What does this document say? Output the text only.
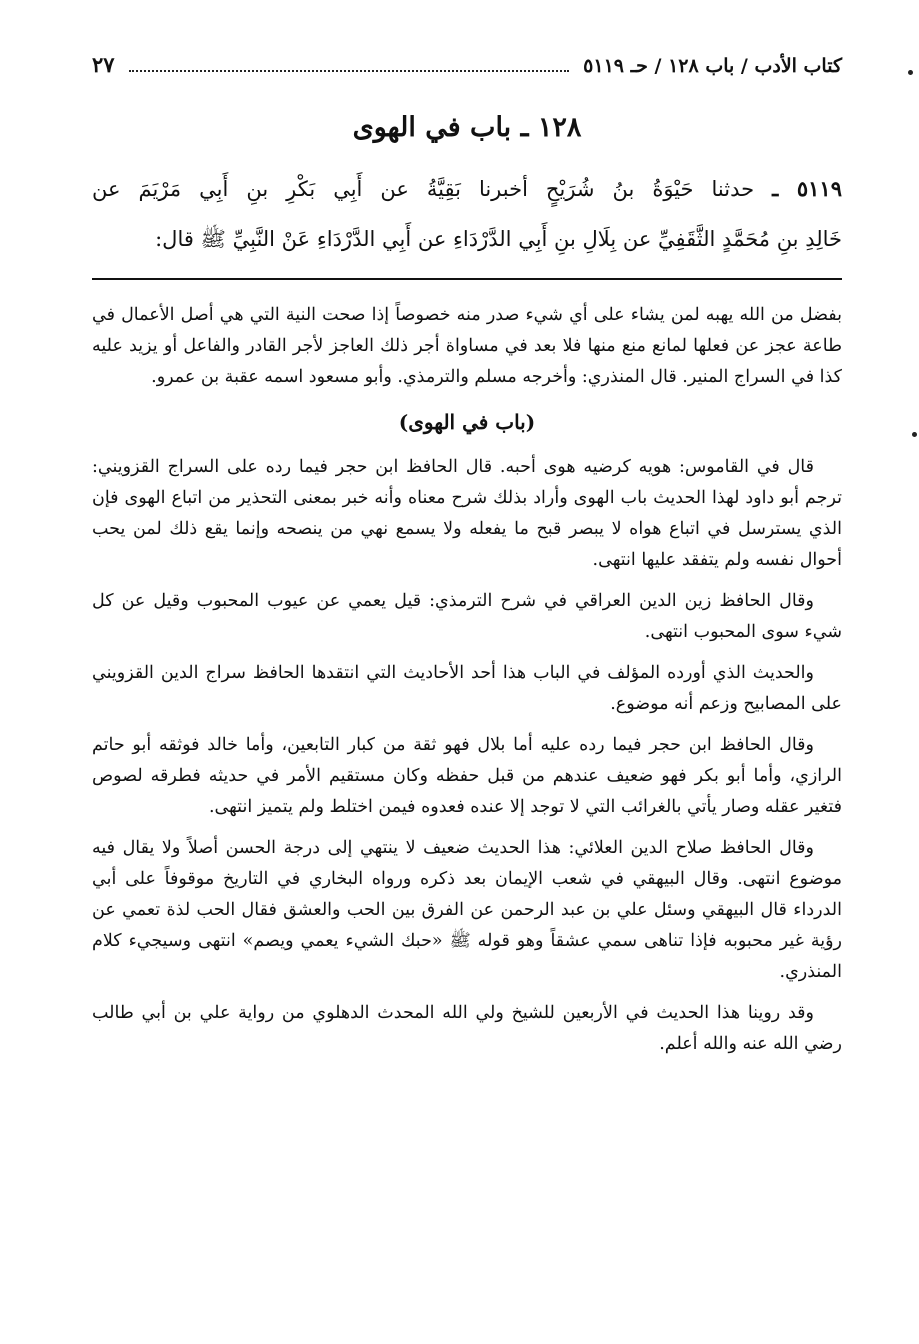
كتاب الأدب / باب ١٢٨ / حـ ٥١١٩
٢٧
١٢٨ ـ باب في الهوى

٥١١٩ ـ حدثنا حَيْوَةُ بنُ شُرَيْحٍ أخبرنا بَقِيَّةُ عن أَبِي بَكْرِ بنِ أَبِي مَرْيَمَ عن

خَالِدِ بنِ مُحَمَّدٍ الثَّقَفِيِّ عن بِلَالِ بنِ أَبِي الدَّرْدَاءِ عن أَبِي الدَّرْدَاءِ عَنْ النَّبِيِّ ﷺ قال:

بفضل من الله يهبه لمن يشاء على أي شيء صدر منه خصوصاً إذا صحت النية التي هي أصل الأعمال في طاعة عجز عن فعلها لمانع منع منها فلا بعد في مساواة أجر ذلك العاجز لأجر القادر والفاعل أو يزيد عليه كذا في السراج المنير. قال المنذري: وأخرجه مسلم والترمذي. وأبو مسعود اسمه عقبة بن عمرو.

(باب في الهوى)

قال في القاموس: هويه كرضيه هوى أحبه. قال الحافظ ابن حجر فيما رده على السراج القزويني: ترجم أبو داود لهذا الحديث باب الهوى وأراد بذلك شرح معناه وأنه خبر بمعنى التحذير من اتباع الهوى فإن الذي يسترسل في اتباع هواه لا يبصر قبح ما يفعله ولا يسمع نهي من ينصحه وإنما يقع ذلك لمن يحب أحوال نفسه ولم يتفقد عليها انتهى.

وقال الحافظ زين الدين العراقي في شرح الترمذي: قيل يعمي عن عيوب المحبوب وقيل عن كل شيء سوى المحبوب انتهى.

والحديث الذي أورده المؤلف في الباب هذا أحد الأحاديث التي انتقدها الحافظ سراج الدين القزويني على المصابيح وزعم أنه موضوع.

وقال الحافظ ابن حجر فيما رده عليه أما بلال فهو ثقة من كبار التابعين، وأما خالد فوثقه أبو حاتم الرازي، وأما أبو بكر فهو ضعيف عندهم من قبل حفظه وكان مستقيم الأمر في حديثه فطرقه لصوص فتغير عقله وصار يأتي بالغرائب التي لا توجد إلا عنده فعدوه فيمن اختلط ولم يتميز انتهى.

وقال الحافظ صلاح الدين العلائي: هذا الحديث ضعيف لا ينتهي إلى درجة الحسن أصلاً ولا يقال فيه موضوع انتهى. وقال البيهقي في شعب الإيمان بعد ذكره ورواه البخاري في التاريخ موقوفاً على أبي الدرداء قال البيهقي وسئل علي بن عبد الرحمن عن الفرق بين الحب والعشق فقال الحب لذة تعمي عن رؤية غير محبوبه فإذا تناهى سمي عشقاً وهو قوله ﷺ «حبك الشيء يعمي ويصم» انتهى وسيجيء كلام المنذري.

وقد روينا هذا الحديث في الأربعين للشيخ ولي الله المحدث الدهلوي من رواية علي بن أبي طالب رضي الله عنه والله أعلم.
